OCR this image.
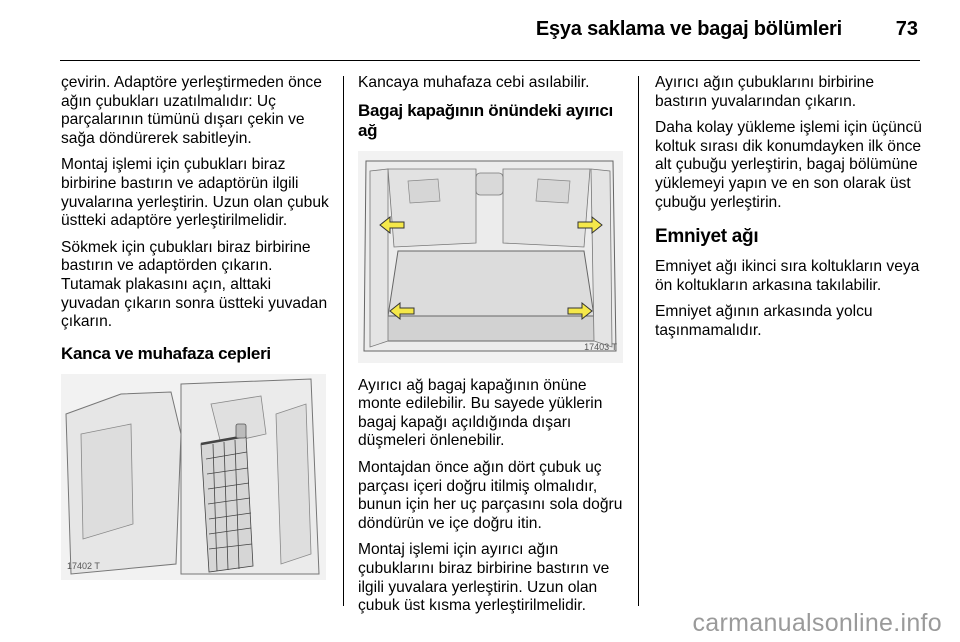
Eşya saklama ve bagaj bölümleri	73

çevirin. Adaptöre yerleştirmeden önce ağın çubukları uzatılmalıdır: Uç parçalarının tümünü dışarı çekin ve sağa döndürerek sabitleyin.

Montaj işlemi için çubukları biraz birbirine bastırın ve adaptörün ilgili yuvalarına yerleştirin. Uzun olan çubuk üstteki adaptöre yerleştirilmelidir.

Sökmek için çubukları biraz birbirine bastırın ve adaptörden çıkarın. Tutamak plakasını açın, alttaki yuvadan çıkarın sonra üstteki yuvadan çıkarın.

Kanca ve muhafaza cepleri
17402 T

Kancaya muhafaza cebi asılabilir.

Bagaj kapağının önündeki ayırıcı ağ
17403 T

Ayırıcı ağ bagaj kapağının önüne monte edilebilir. Bu sayede yüklerin bagaj kapağı açıldığında dışarı düşmeleri önlenebilir.

Montajdan önce ağın dört çubuk uç parçası içeri doğru itilmiş olmalıdır, bunun için her uç parçasını sola doğru döndürün ve içe doğru itin.

Montaj işlemi için ayırıcı ağın çubuklarını biraz birbirine bastırın ve ilgili yuvalara yerleştirin. Uzun olan çubuk üst kısma yerleştirilmelidir.

Ayırıcı ağın çubuklarını birbirine bastırın yuvalarından çıkarın.

Daha kolay yükleme işlemi için üçüncü koltuk sırası dik konumdayken ilk önce alt çubuğu yerleştirin, bagaj bölümüne yüklemeyi yapın ve en son olarak üst çubuğu yerleştirin.

Emniyet ağı

Emniyet ağı ikinci sıra koltukların veya ön koltukların arkasına takılabilir.

Emniyet ağının arkasında yolcu taşınmamalıdır.

carmanualsonline.info
